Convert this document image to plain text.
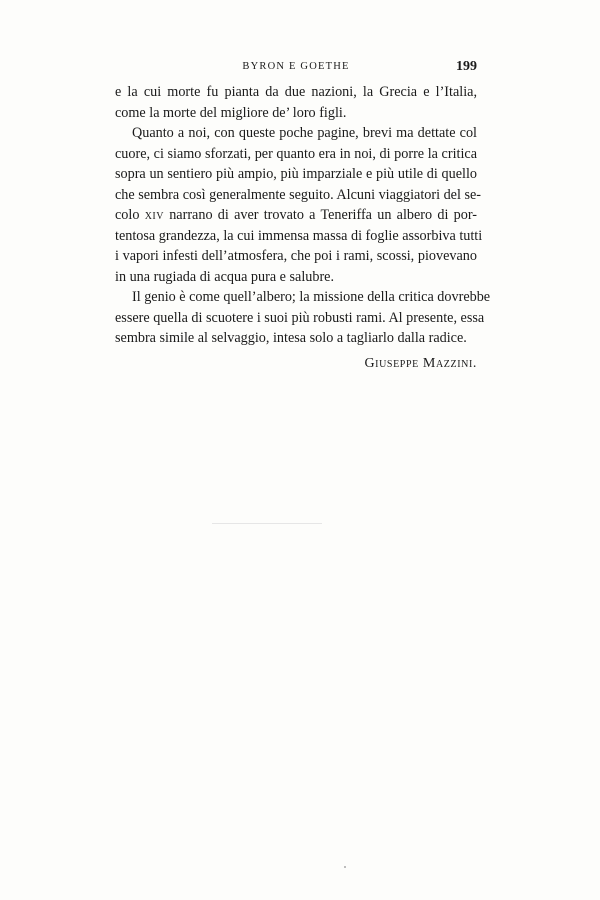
BYRON E GOETHE	199
e la cui morte fu pianta da due nazioni, la Grecia e l’Italia,
come la morte del migliore de’ loro figli.
Quanto a noi, con queste poche pagine, brevi ma dettate col
cuore, ci siamo sforzati, per quanto era in noi, di porre la critica
sopra un sentiero più ampio, più imparziale e più utile di quello
che sembra così generalmente seguito. Alcuni viaggiatori del se-
colo xiv narrano di aver trovato a Teneriffa un albero di por-
tentosa grandezza, la cui immensa massa di foglie assorbiva tutti
i vapori infesti dell’atmosfera, che poi i rami, scossi, piovevano
in una rugiada di acqua pura e salubre.
Il genio è come quell’albero; la missione della critica dovrebbe
essere quella di scuotere i suoi più robusti rami. Al presente, essa
sembra simile al selvaggio, intesa solo a tagliarlo dalla radice.
Giuseppe Mazzini.
